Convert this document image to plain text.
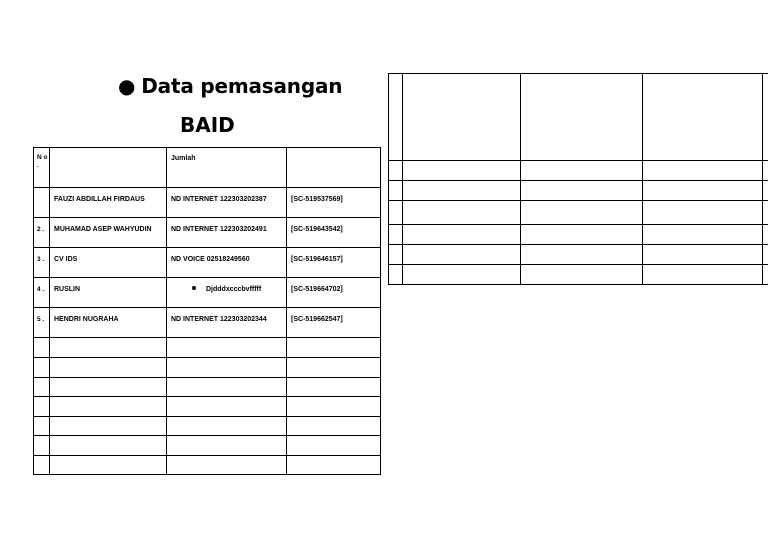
● Data pemasangan
BAID
N o .		Jumlah	
	FAUZI ABDILLAH FIRDAUS	ND INTERNET 122303202387	[SC-519537569]
2 .	MUHAMAD ASEP WAHYUDIN	ND INTERNET 122303202491	[SC-519643542]
3 .	CV IDS	ND VOICE 02518249560	[SC-519646157]
4 .	RUSLIN	Djdddxcccbvfffff	[SC-519664702]
5 .	HENDRI NUGRAHA	ND INTERNET 122303202344	[SC-519662547]
